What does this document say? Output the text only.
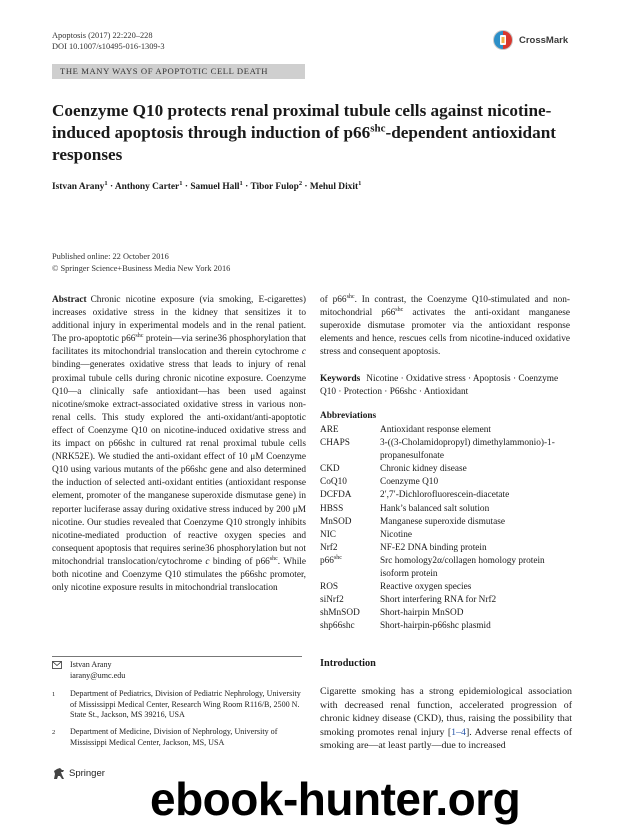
Apoptosis (2017) 22:220–228
DOI 10.1007/s10495-016-1309-3
CrossMark
THE MANY WAYS OF APOPTOTIC CELL DEATH
Coenzyme Q10 protects renal proximal tubule cells against nicotine-induced apoptosis through induction of $p66^{shc}$-dependent antioxidant responses
Istvan Arany$^1$ · Anthony Carter$^1$ · Samuel Hall$^1$ · Tibor Fulop$^2$ · Mehul Dixit$^1$
Published online: 22 October 2016
© Springer Science+Business Media New York 2016
Abstract Chronic nicotine exposure (via smoking, E-cigarettes) increases oxidative stress in the kidney that sensitizes it to additional injury in experimental models and in the renal patient. The pro-apoptotic $p66^{shc}$ protein—via serine36 phosphorylation that facilitates its mitochondrial translocation and therein cytochrome c binding—generates oxidative stress that leads to injury of renal proximal tubule cells during chronic nicotine exposure. Coenzyme Q10—a clinically safe antioxidant—has been used against nicotine/smoke extract-associated oxidative stress in various non-renal cells. This study explored the anti-oxidant/anti-apoptotic effect of Coenzyme Q10 on nicotine-induced oxidative stress and its impact on p66shc in cultured rat renal proximal tubule cells (NRK52E). We studied the anti-oxidant effect of 10 μM Coenzyme Q10 using various mutants of the p66shc gene and also determined the induction of selected anti-oxidant entities (antioxidant response element, promoter of the manganese superoxide dismutase gene) in reporter luciferase assay during oxidative stress induced by 200 μM nicotine. Our studies revealed that Coenzyme Q10 strongly inhibits nicotine-mediated production of reactive oxygen species and consequent apoptosis that requires serine36 phosphorylation but not mitochondrial translocation/cytochrome c binding of $p66^{shc}$. While both nicotine and Coenzyme Q10 stimulates the p66shc promoter, only nicotine exposure results in mitochondrial translocation
of $p66^{shc}$. In contrast, the Coenzyme Q10-stimulated and non-mitochondrial $p66^{shc}$ activates the anti-oxidant manganese superoxide dismutase promoter via the antioxidant response elements and hence, rescues cells from nicotine-induced oxidative stress and consequent apoptosis.
Keywords Nicotine · Oxidative stress · Apoptosis · Coenzyme Q10 · Protection · P66shc · Antioxidant
Abbreviations
ARE	Antioxidant response element
CHAPS	3-((3-Cholamidopropyl) dimethylammonio)-1-propanesulfonate
CKD	Chronic kidney disease
CoQ10	Coenzyme Q10
DCFDA	2′,7′-Dichlorofluorescein-diacetate
HBSS	Hank’s balanced salt solution
MnSOD	Manganese superoxide dismutase
NIC	Nicotine
Nrf2	NF-E2 DNA binding protein
$p66^{shc}$	Src homology2α/collagen homology protein isoform protein
ROS	Reactive oxygen species
siNrf2	Short interfering RNA for Nrf2
shMnSOD	Short-hairpin MnSOD
shp66shc	Short-hairpin-p66shc plasmid
Istvan Arany
iarany@umc.edu
1	Department of Pediatrics, Division of Pediatric Nephrology, University of Mississippi Medical Center, Research Wing Room R116/B, 2500 N. State St., Jackson, MS 39216, USA
2	Department of Medicine, Division of Nephrology, University of Mississippi Medical Center, Jackson, MS, USA
Introduction
Cigarette smoking has a strong epidemiological association with decreased renal function, accelerated progression of chronic kidney disease (CKD), thus, raising the possibility that smoking promotes renal injury [1–4]. Adverse renal effects of smoking are—at least partly—due to increased
Springer ebook-hunter.org
